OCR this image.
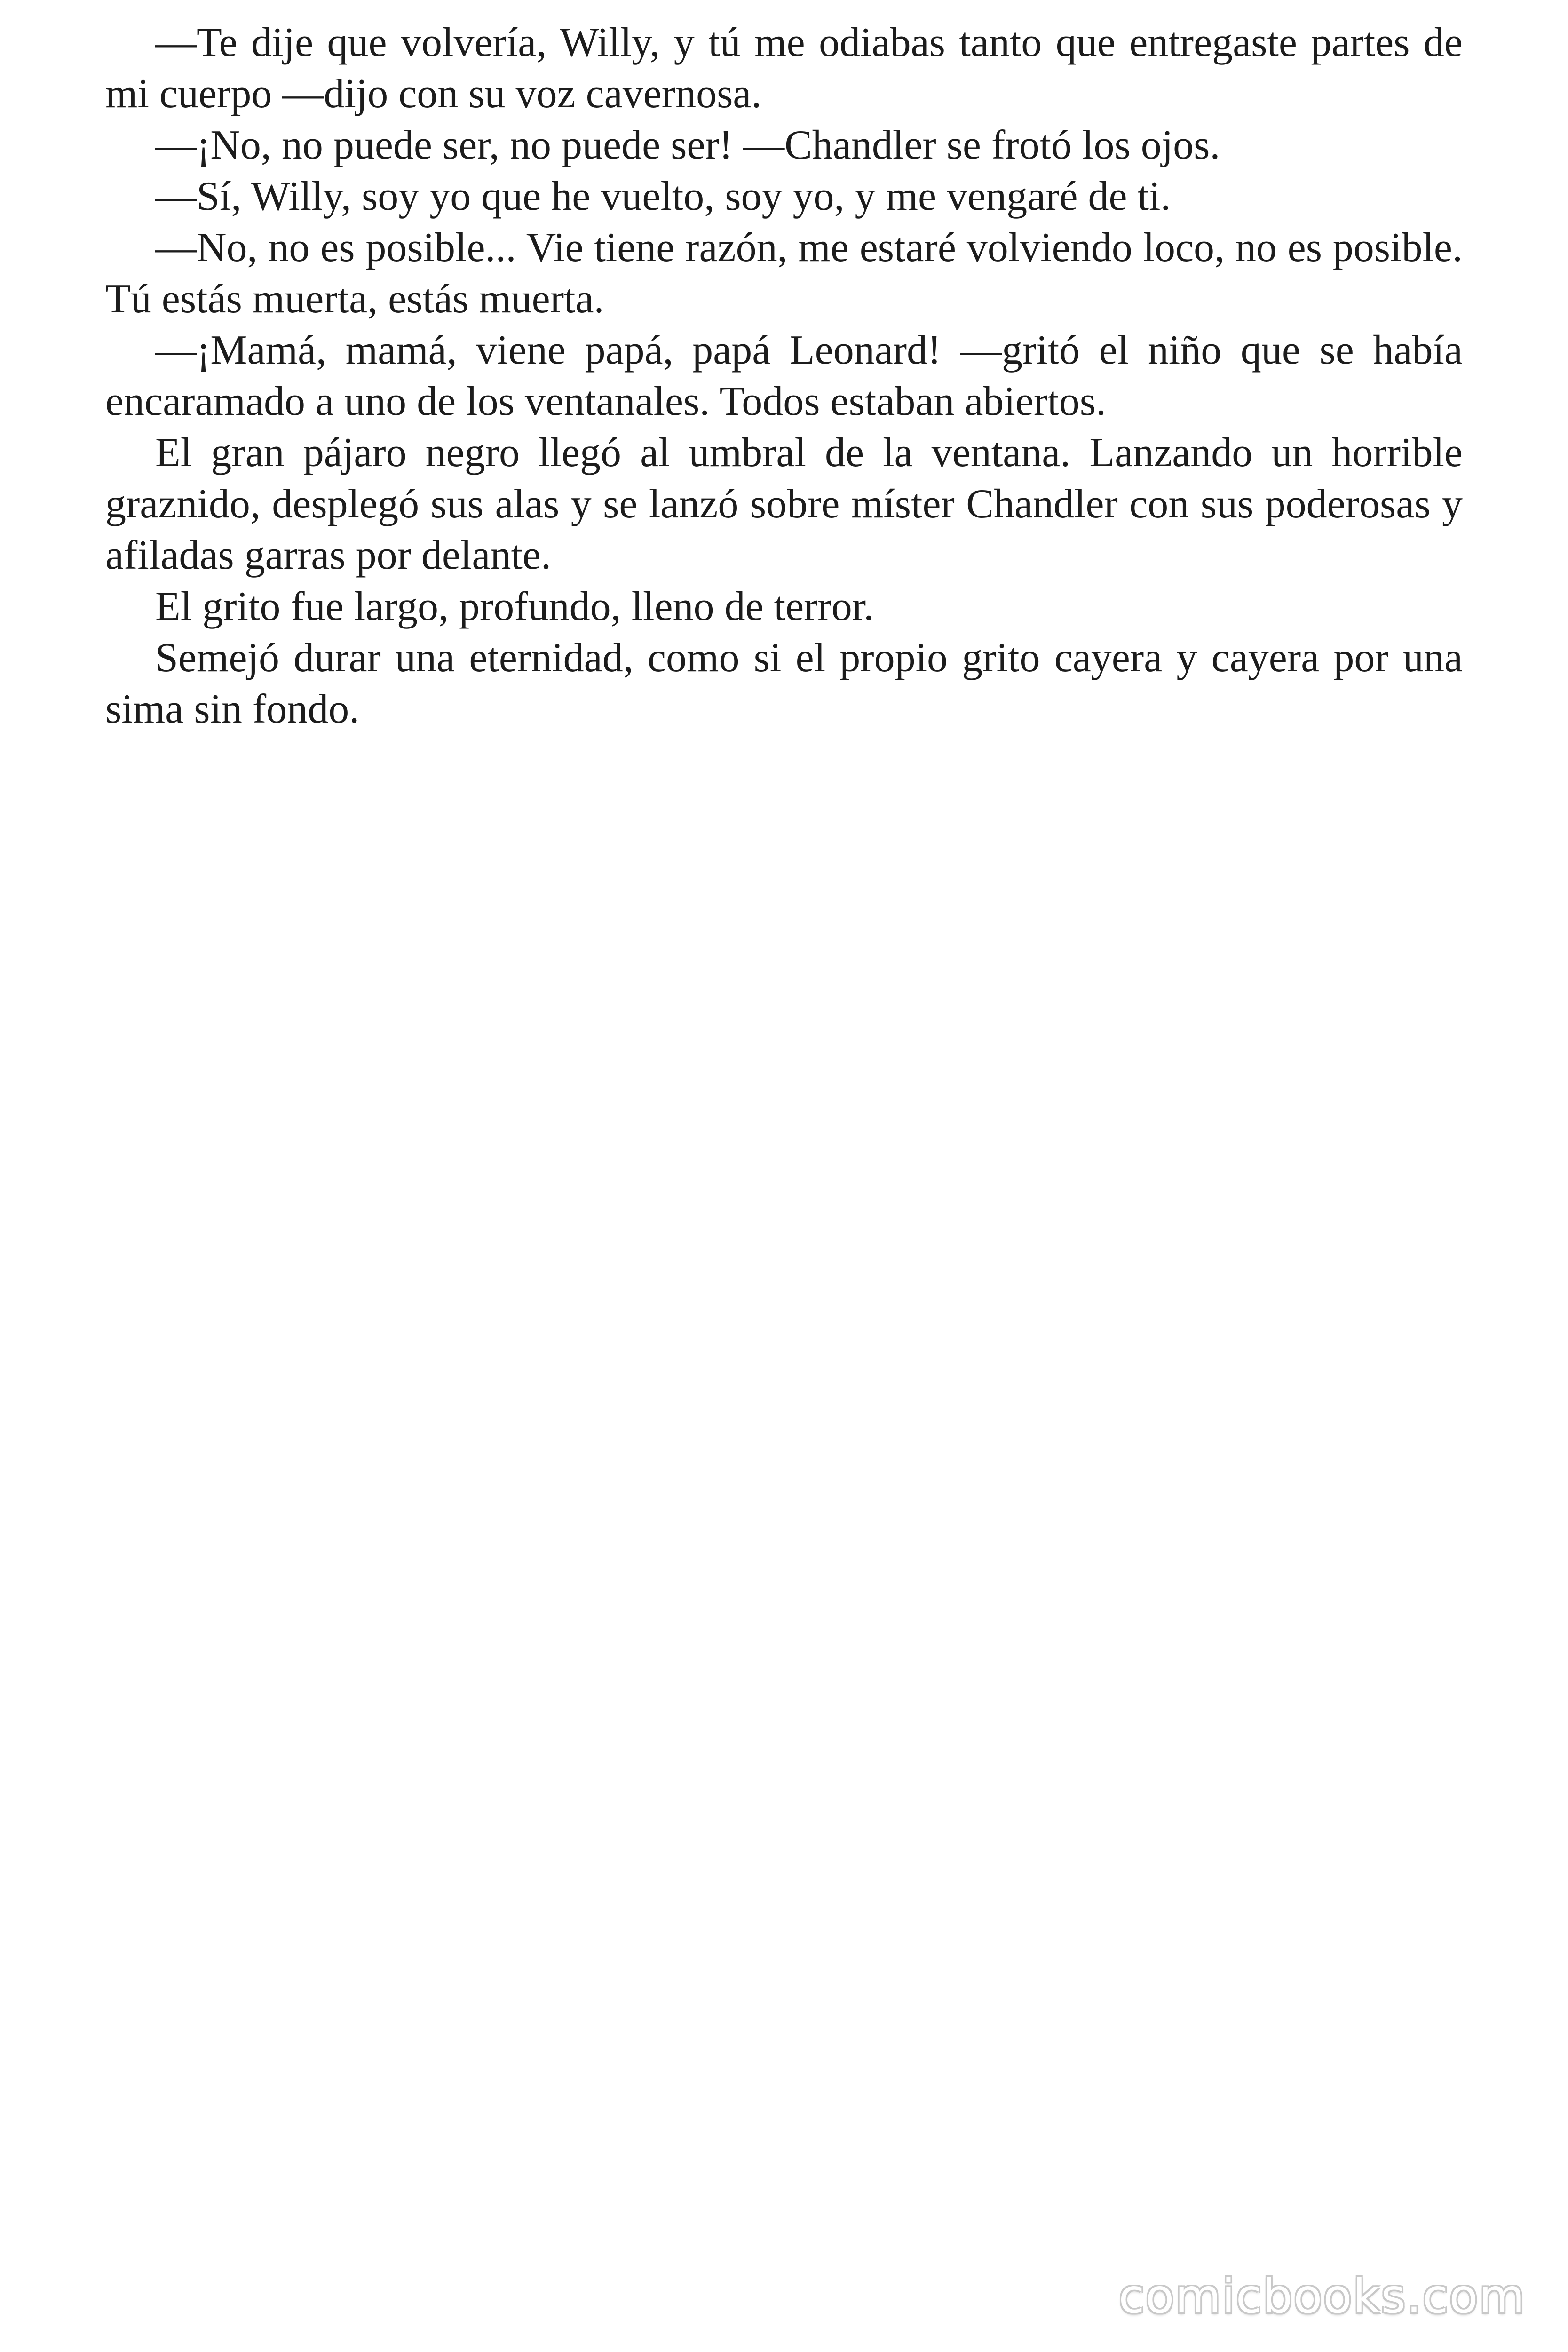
—Te dije que volvería, Willy, y tú me odiabas tanto que entregaste partes de mi cuerpo —dijo con su voz cavernosa.

—¡No, no puede ser, no puede ser! —Chandler se frotó los ojos.

—Sí, Willy, soy yo que he vuelto, soy yo, y me vengaré de ti.

—No, no es posible... Vie tiene razón, me estaré volviendo loco, no es posible. Tú estás muerta, estás muerta.

—¡Mamá, mamá, viene papá, papá Leonard! —gritó el niño que se había encaramado a uno de los ventanales. Todos estaban abiertos.

El gran pájaro negro llegó al umbral de la ventana. Lanzando un horrible graznido, desplegó sus alas y se lanzó sobre míster Chandler con sus poderosas y afiladas garras por delante.

El grito fue largo, profundo, lleno de terror.

Semejó durar una eternidad, como si el propio grito cayera y cayera por una sima sin fondo.

comicbooks.com
